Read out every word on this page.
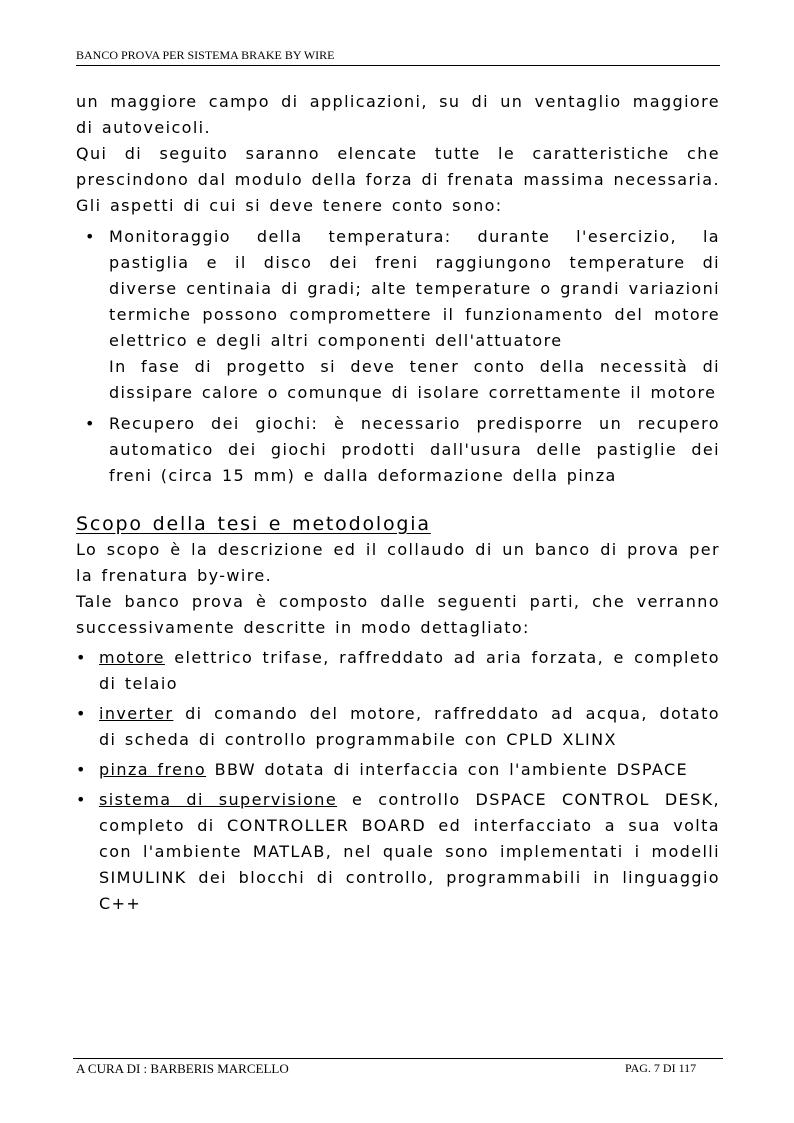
BANCO PROVA PER SISTEMA BRAKE BY WIRE

un maggiore campo di applicazioni, su di un ventaglio maggiore di autoveicoli.

Qui di seguito saranno elencate tutte le caratteristiche che prescindono dal modulo della forza di frenata massima necessaria.

Gli aspetti di cui si deve tenere conto sono:

• Monitoraggio della temperatura: durante l'esercizio, la pastiglia e il disco dei freni raggiungono temperature di diverse centinaia di gradi; alte temperature o grandi variazioni termiche possono compromettere il funzionamento del motore elettrico e degli altri componenti dell'attuatore
In fase di progetto si deve tener conto della necessità di dissipare calore o comunque di isolare correttamente il motore
• Recupero dei giochi: è necessario predisporre un recupero automatico dei giochi prodotti dall'usura delle pastiglie dei freni (circa 15 mm) e dalla deformazione della pinza
Scopo della tesi e metodologia

Lo scopo è la descrizione ed il collaudo di un banco di prova per la frenatura by-wire.

Tale banco prova è composto dalle seguenti parti, che verranno successivamente descritte in modo dettagliato:

• motore elettrico trifase, raffreddato ad aria forzata, e completo di telaio
• inverter di comando del motore, raffreddato ad acqua, dotato di scheda di controllo programmabile con CPLD XLINX
• pinza freno BBW dotata di interfaccia con l'ambiente DSPACE
• sistema di supervisione e controllo DSPACE CONTROL DESK, completo di CONTROLLER BOARD ed interfacciato a sua volta con l'ambiente MATLAB, nel quale sono implementati i modelli SIMULINK dei blocchi di controllo, programmabili in linguaggio C++
A CURA DI : BARBERIS MARCELLO	PAG. 7 DI 117
